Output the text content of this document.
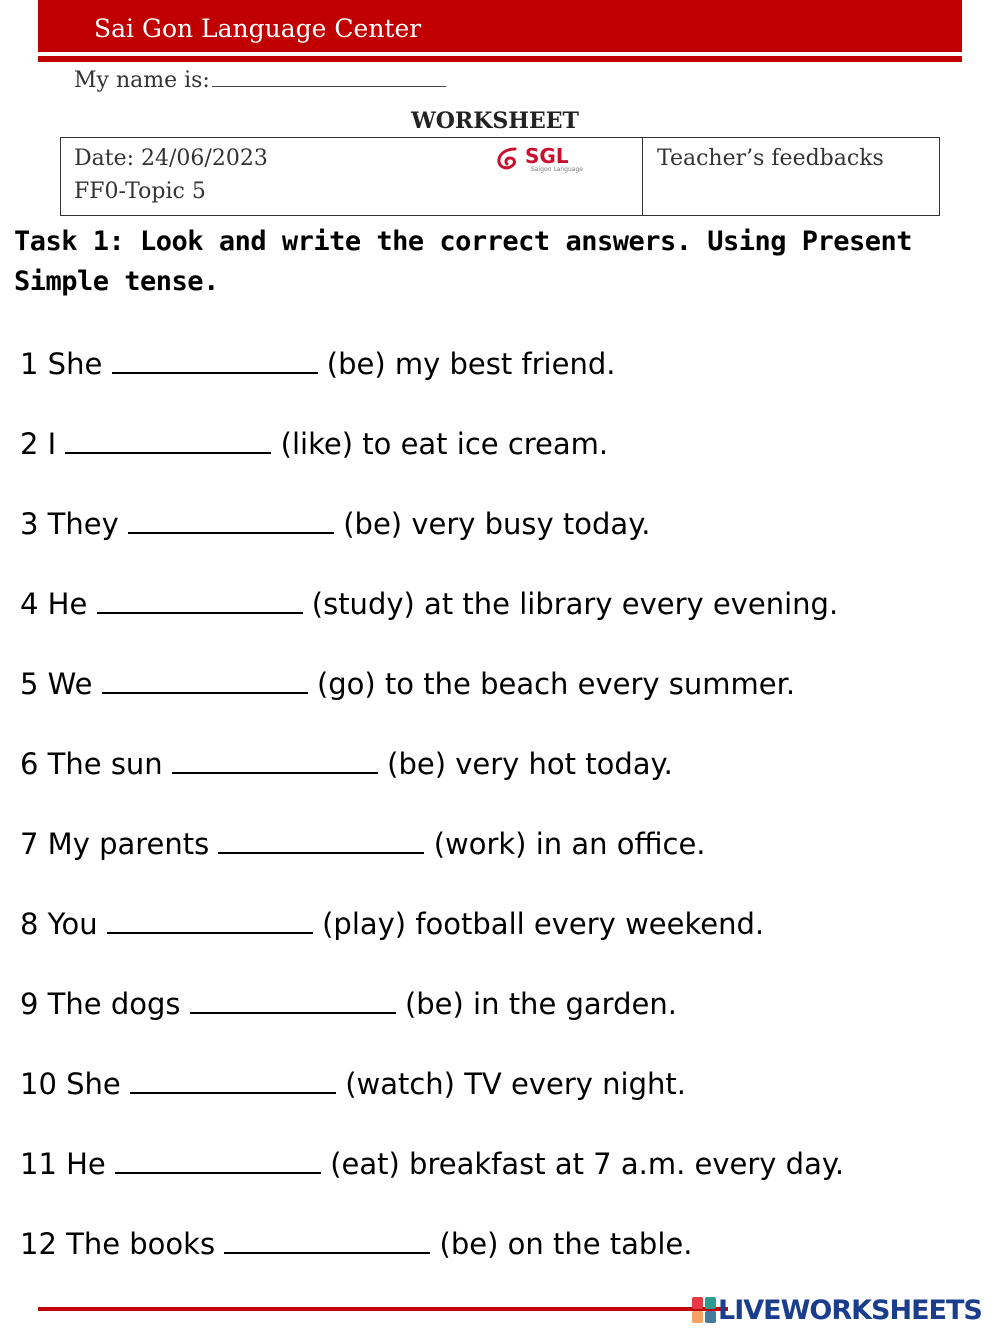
Sai Gon Language Center
My name is:
WORKSHEET
Date: 24/06/2023
FF0-Topic 5
SGL
Saigon Language	Teacher’s feedbacks
Task 1: Look and write the correct answers. Using Present Simple tense.
1 She	(be) my best friend.
2 I	(like) to eat ice cream.
3 They	(be) very busy today.
4 He	(study) at the library every evening.
5 We	(go) to the beach every summer.
6 The sun	(be) very hot today.
7 My parents	(work) in an office.
8 You	(play) football every weekend.
9 The dogs	(be) in the garden.
10 She	(watch) TV every night.
11 He	(eat) breakfast at 7 a.m. every day.
12 The books	(be) on the table.
LIVEWORKSHEETS
